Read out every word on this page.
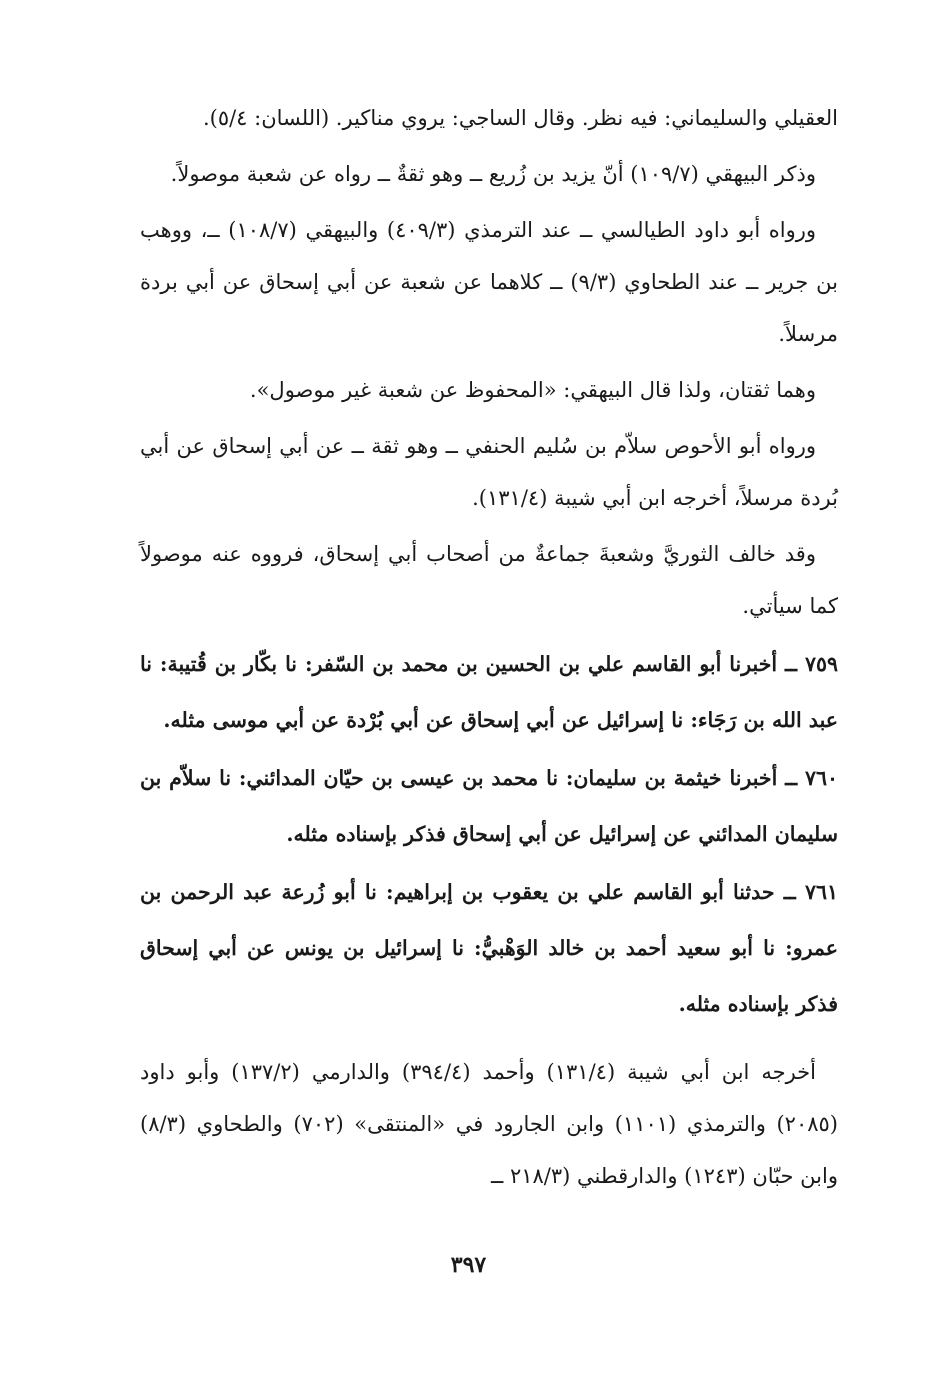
العقيلي والسليماني: فيه نظر. وقال الساجي: يروي مناكير. (اللسان: ٥/٤).

وذكر البيهقي (١٠٩/٧) أنّ يزيد بن زُريع ــ وهو ثقةٌ ــ رواه عن شعبة موصولاً.

ورواه أبو داود الطيالسي ــ عند الترمذي (٤٠٩/٣) والبيهقي (١٠٨/٧) ــ، ووهب بن جرير ــ عند الطحاوي (٩/٣) ــ كلاهما عن شعبة عن أبي إسحاق عن أبي بردة مرسلاً.

وهما ثقتان، ولذا قال البيهقي: «المحفوظ عن شعبة غير موصول».

ورواه أبو الأحوص سلاّم بن سُليم الحنفي ــ وهو ثقة ــ عن أبي إسحاق عن أبي بُردة مرسلاً، أخرجه ابن أبي شيبة (١٣١/٤).

وقد خالف الثوريَّ وشعبةَ جماعةٌ من أصحاب أبي إسحاق، فرووه عنه موصولاً كما سيأتي.

٧٥٩ ــ أخبرنا أبو القاسم علي بن الحسين بن محمد بن السّفر: نا بكّار بن قُتيبة: نا عبد الله بن رَجَاء: نا إسرائيل عن أبي إسحاق عن أبي بُرْدة عن أبي موسى مثله.

٧٦٠ ــ أخبرنا خيثمة بن سليمان: نا محمد بن عيسى بن حيّان المدائني: نا سلاّم بن سليمان المدائني عن إسرائيل عن أبي إسحاق فذكر بإسناده مثله.

٧٦١ ــ حدثنا أبو القاسم علي بن يعقوب بن إبراهيم: نا أبو زُرعة عبد الرحمن بن عمرو: نا أبو سعيد أحمد بن خالد الوَهْبيُّ: نا إسرائيل بن يونس عن أبي إسحاق فذكر بإسناده مثله.

أخرجه ابن أبي شيبة (١٣١/٤) وأحمد (٣٩٤/٤) والدارمي (١٣٧/٢) وأبو داود (٢٠٨٥) والترمذي (١١٠١) وابن الجارود في «المنتقى» (٧٠٢) والطحاوي (٨/٣) وابن حبّان (١٢٤٣) والدارقطني (٢١٨/٣ ــ

٣٩٧
